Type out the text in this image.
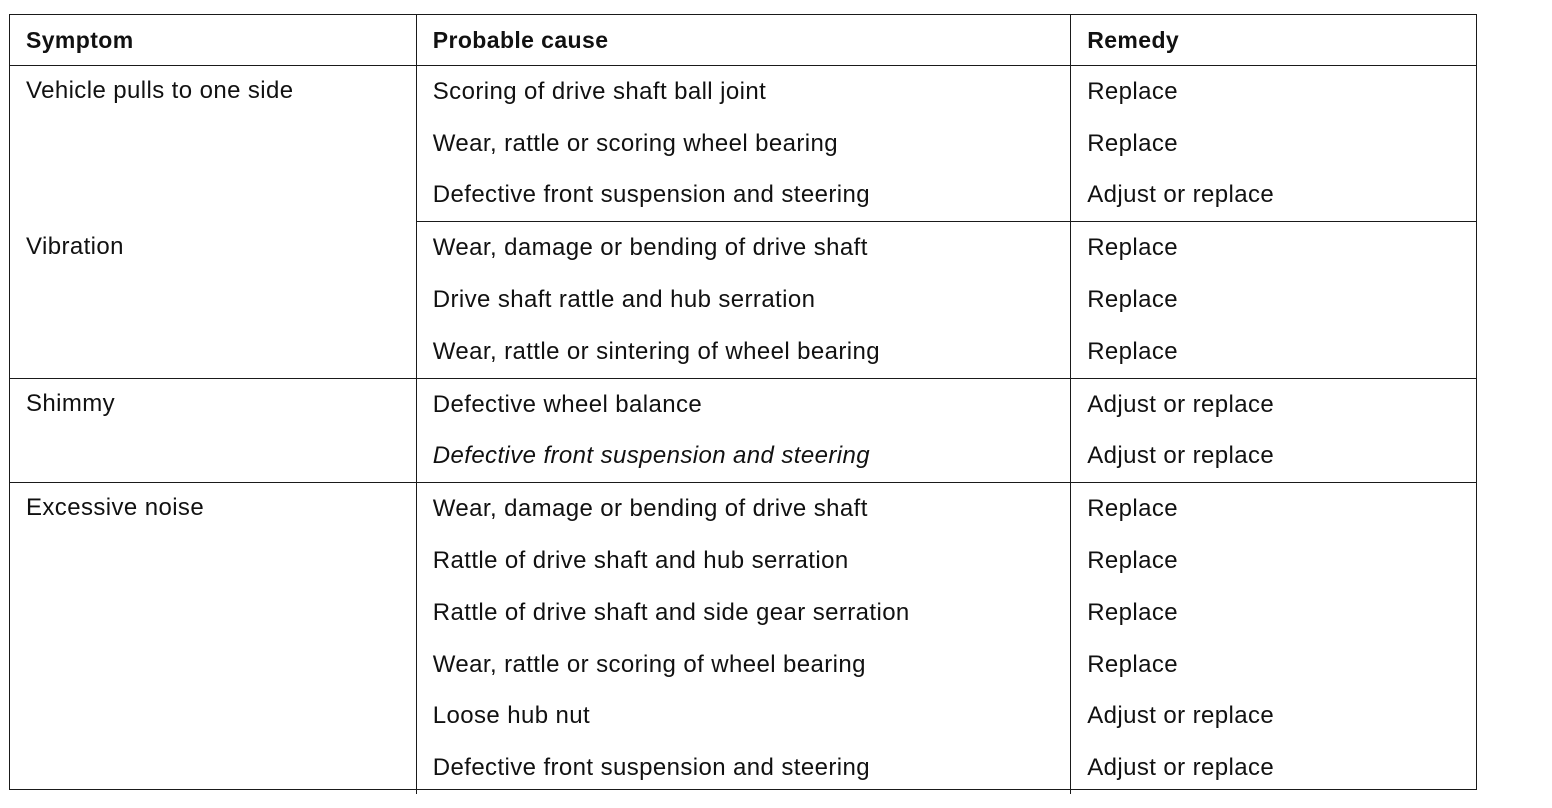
Symptom	Probable cause	Remedy
Vehicle pulls to one side	Scoring of drive shaft ball joint	Replace
	Wear, rattle or scoring wheel bearing	Replace
	Defective front suspension and steering	Adjust or replace
Vibration	Wear, damage or bending of drive shaft	Replace
	Drive shaft rattle and hub serration	Replace
	Wear, rattle or sintering of wheel bearing	Replace
Shimmy	Defective wheel balance	Adjust or replace
	Defective front suspension and steering	Adjust or replace
Excessive noise	Wear, damage or bending of drive shaft	Replace
	Rattle of drive shaft and hub serration	Replace
	Rattle of drive shaft and side gear serration	Replace
	Wear, rattle or scoring of wheel bearing	Replace
	Loose hub nut	Adjust or replace
	Defective front suspension and steering	Adjust or replace
